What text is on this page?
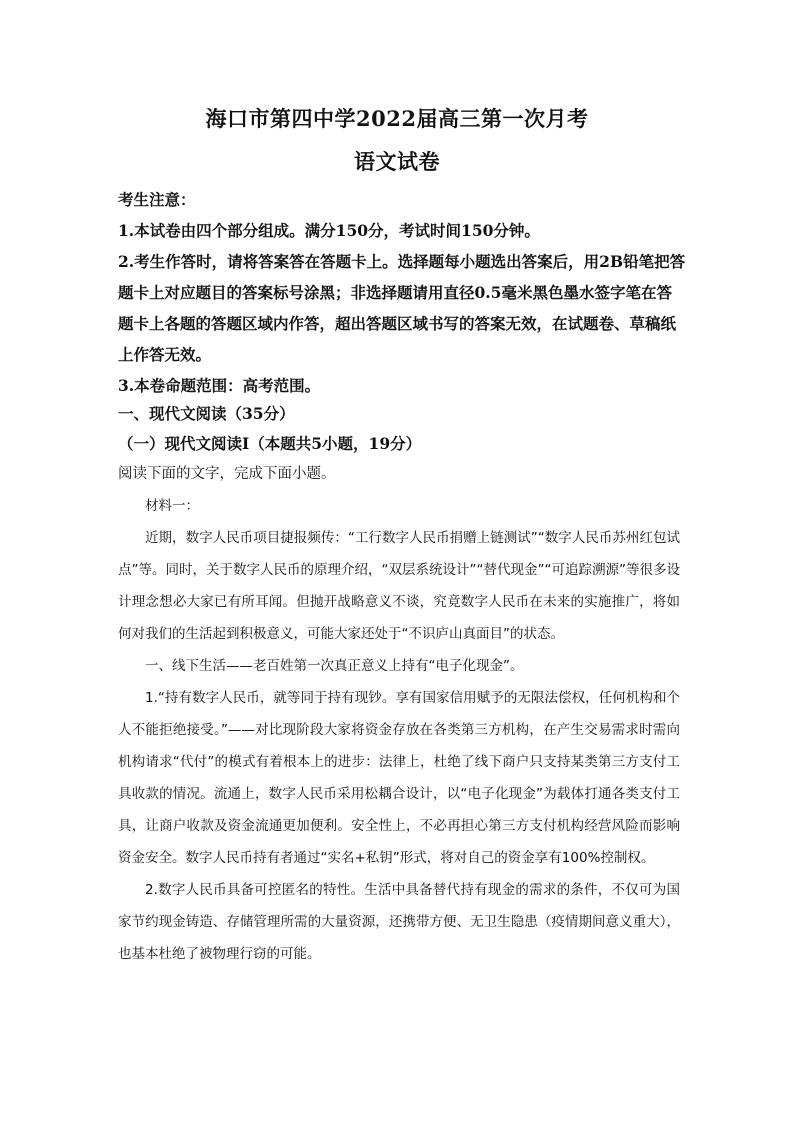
海口市第四中学2022届高三第一次月考
语文试卷

考生注意：

1.本试卷由四个部分组成。满分150分，考试时间150分钟。

2.考生作答时，请将答案答在答题卡上。选择题每小题选出答案后，用2B铅笔把答题卡上对应题目的答案标号涂黑；非选择题请用直径0.5毫米黑色墨水签字笔在答题卡上各题的答题区域内作答，超出答题区域书写的答案无效，在试题卷、草稿纸上作答无效。

3.本卷命题范围：高考范围。

一、现代文阅读（35分）
（一）现代文阅读Ⅰ（本题共5小题，19分）
阅读下面的文字，完成下面小题。

材料一：

近期，数字人民币项目捷报频传：“工行数字人民币捐赠上链测试”“数字人民币苏州红包试点”等。同时，关于数字人民币的原理介绍，“双层系统设计”“替代现金”“可追踪溯源”等很多设计理念想必大家已有所耳闻。但抛开战略意义不谈，究竟数字人民币在未来的实施推广，将如何对我们的生活起到积极意义，可能大家还处于“不识庐山真面目”的状态。

一、线下生活——老百姓第一次真正意义上持有“电子化现金”。

1.“持有数字人民币，就等同于持有现钞。享有国家信用赋予的无限法偿权，任何机构和个人不能拒绝接受。”——对比现阶段大家将资金存放在各类第三方机构，在产生交易需求时需向机构请求“代付”的模式有着根本上的进步：法律上，杜绝了线下商户只支持某类第三方支付工具收款的情况。流通上，数字人民币采用松耦合设计，以“电子化现金”为载体打通各类支付工具，让商户收款及资金流通更加便利。安全性上，不必再担心第三方支付机构经营风险而影响资金安全。数字人民币持有者通过“实名+私钥”形式，将对自己的资金享有100%控制权。

2.数字人民币具备可控匿名的特性。生活中具备替代持有现金的需求的条件，不仅可为国家节约现金铸造、存储管理所需的大量资源，还携带方便、无卫生隐患（疫情期间意义重大），也基本杜绝了被物理行窃的可能。
